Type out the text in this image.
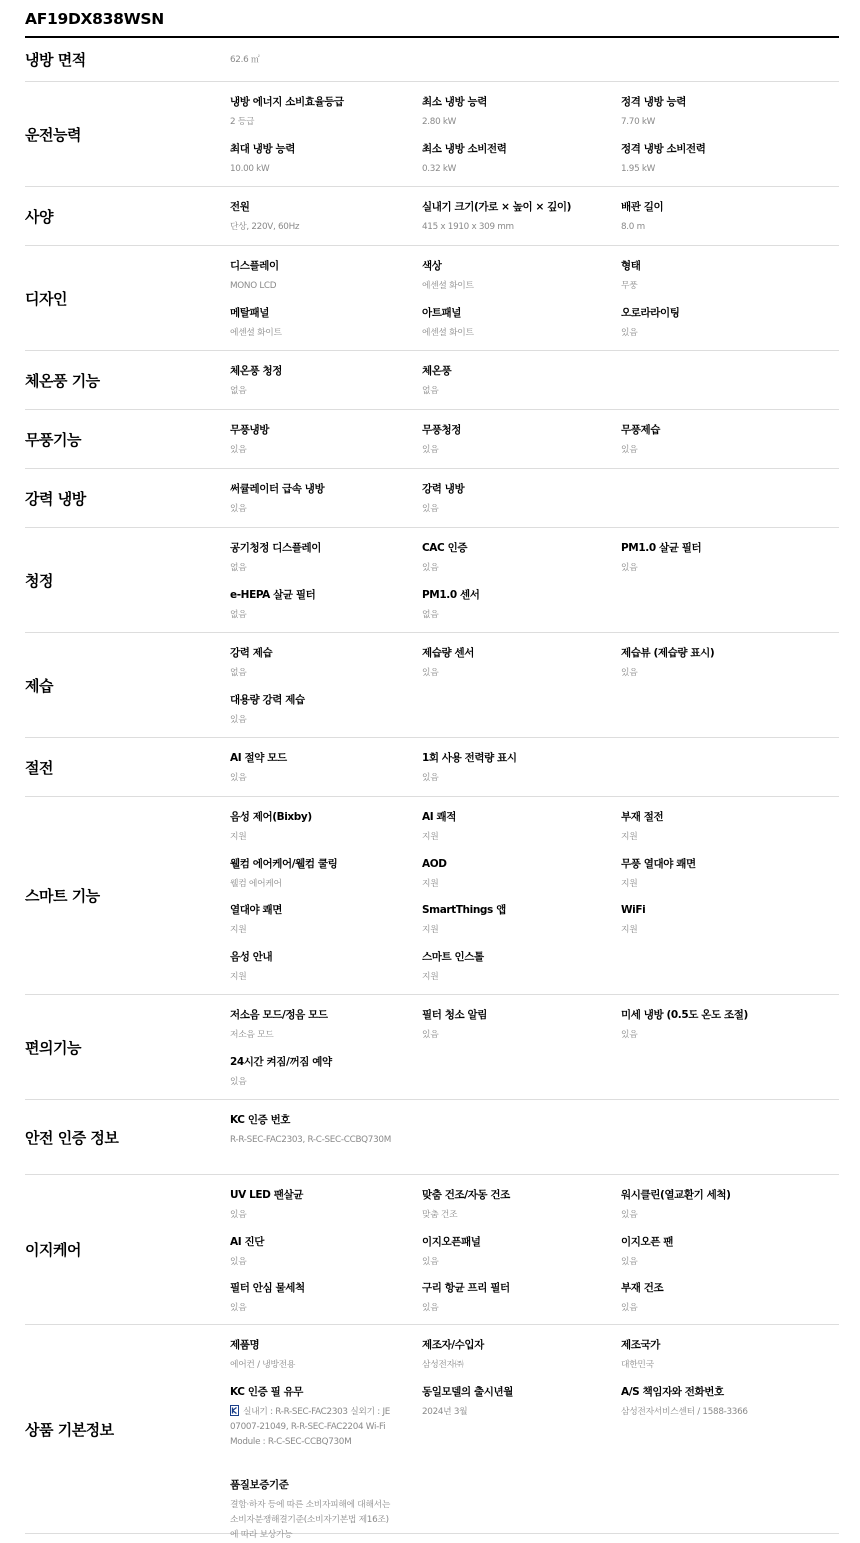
AF19DX838WSN
냉방 면적	62.6 ㎡
운전능력
냉방 에너지 소비효율등급
2 등급
최소 냉방 능력
2.80 kW
정격 냉방 능력
7.70 kW
최대 냉방 능력
10.00 kW
최소 냉방 소비전력
0.32 kW
정격 냉방 소비전력
1.95 kW
사양
전원
단상, 220V, 60Hz
실내기 크기(가로 × 높이 × 깊이)
415 x 1910 x 309 mm
배관 길이
8.0 m
디자인
디스플레이
MONO LCD
색상
에센셜 화이트
형태
무풍
메탈패널
에센셜 화이트
아트패널
에센셜 화이트
오로라라이팅
있음
체온풍 기능
체온풍 청정
없음
체온풍
없음
무풍기능
무풍냉방
있음
무풍청정
있음
무풍제습
있음
강력 냉방
써큘레이터 급속 냉방
있음
강력 냉방
있음
청정
공기청정 디스플레이
없음
CAC 인증
있음
PM1.0 살균 필터
있음
e-HEPA 살균 필터
없음
PM1.0 센서
없음
제습
강력 제습
없음
제습량 센서
있음
제습뷰 (제습량 표시)
있음
대용량 강력 제습
있음
절전
AI 절약 모드
있음
1회 사용 전력량 표시
있음
스마트 기능
음성 제어(Bixby)
지원
AI 쾌적
지원
부재 절전
지원
웰컴 에어케어/웰컴 쿨링
웰컴 에어케어
AOD
지원
무풍 열대야 쾌면
지원
열대야 쾌면
지원
SmartThings 앱
지원
WiFi
지원
음성 안내
지원
스마트 인스톨
지원
편의기능
저소음 모드/정음 모드
저소음 모드
필터 청소 알림
있음
미세 냉방 (0.5도 온도 조절)
있음
24시간 켜짐/꺼짐 예약
있음
안전 인증 정보
KC 인증 번호
R-R-SEC-FAC2303, R-C-SEC-CCBQ730M
이지케어
UV LED 팬살균
있음
맞춤 건조/자동 건조
맞춤 건조
워시클린(열교환기 세척)
있음
AI 진단
있음
이지오픈패널
있음
이지오픈 팬
있음
필터 안심 물세척
있음
구리 항균 프리 필터
있음
부재 건조
있음
상품 기본정보
제품명
에어컨 / 냉방전용
제조자/수입자
삼성전자㈜
제조국가
대한민국
KC 인증 필 유무
실내기 : R-R-SEC-FAC2303 실외기 : JE07007-21049, R-R-SEC-FAC2204 Wi-Fi Module : R-C-SEC-CCBQ730M
동일모델의 출시년월
2024년 3월
A/S 책임자와 전화번호
삼성전자서비스센터 / 1588-3366
품질보증기준
결함·하자 등에 따른 소비자피해에 대해서는 소비자분쟁해결기준(소비자기본법 제16조)에 따라 보상가능
